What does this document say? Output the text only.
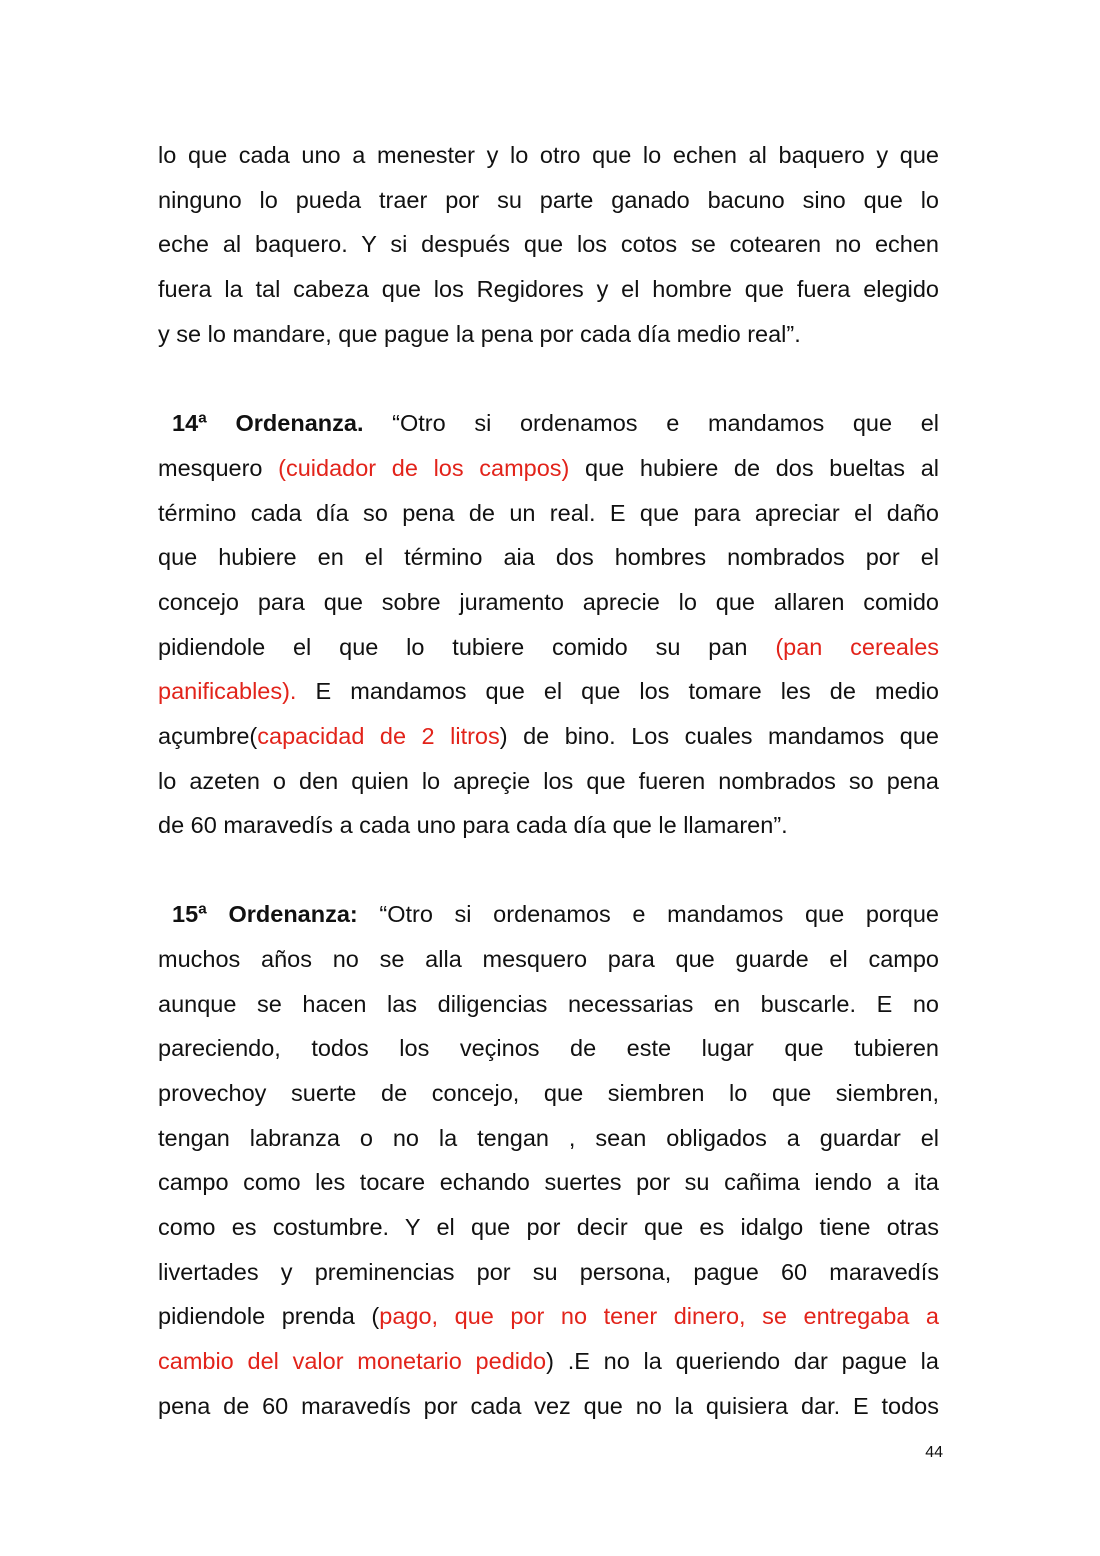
lo que cada uno a menester y lo otro que lo echen al baquero y que
ninguno lo pueda traer por su parte ganado bacuno sino que lo
eche al baquero. Y si después que los cotos se cotearen no echen
fuera la tal cabeza que los Regidores y el hombre que fuera elegido
y se lo mandare, que pague la pena por cada día medio real”.
14ª Ordenanza. “Otro si ordenamos e mandamos que el
mesquero (cuidador de los campos) que hubiere de dos bueltas al
término cada día so pena de un real. E que para apreciar el daño
que hubiere en el término aia dos hombres nombrados por el
concejo para que sobre juramento aprecie lo que allaren comido
pidiendole el que lo tubiere comido su pan (pan cereales
panificables). E mandamos que el que los tomare les de medio
açumbre(capacidad de 2 litros) de bino. Los cuales mandamos que
lo azeten o den quien lo apreçie los que fueren nombrados so pena
de 60 maravedís a cada uno para cada día que le llamaren”.
15ª Ordenanza: “Otro si ordenamos e mandamos que porque
muchos años no se alla mesquero para que guarde el campo
aunque se hacen las diligencias necessarias en buscarle. E no
pareciendo, todos los veçinos de este lugar que tubieren
provechoy suerte de concejo, que siembren lo que siembren,
tengan labranza o no la tengan , sean obligados a guardar el
campo como les tocare echando suertes por su cañima iendo a ita
como es costumbre. Y el que por decir que es idalgo tiene otras
livertades y preminencias por su persona, pague 60 maravedís
pidiendole prenda (pago, que por no tener dinero, se entregaba a
cambio del valor monetario pedido) .E no la queriendo dar pague la
pena de 60 maravedís por cada vez que no la quisiera dar. E todos
44
